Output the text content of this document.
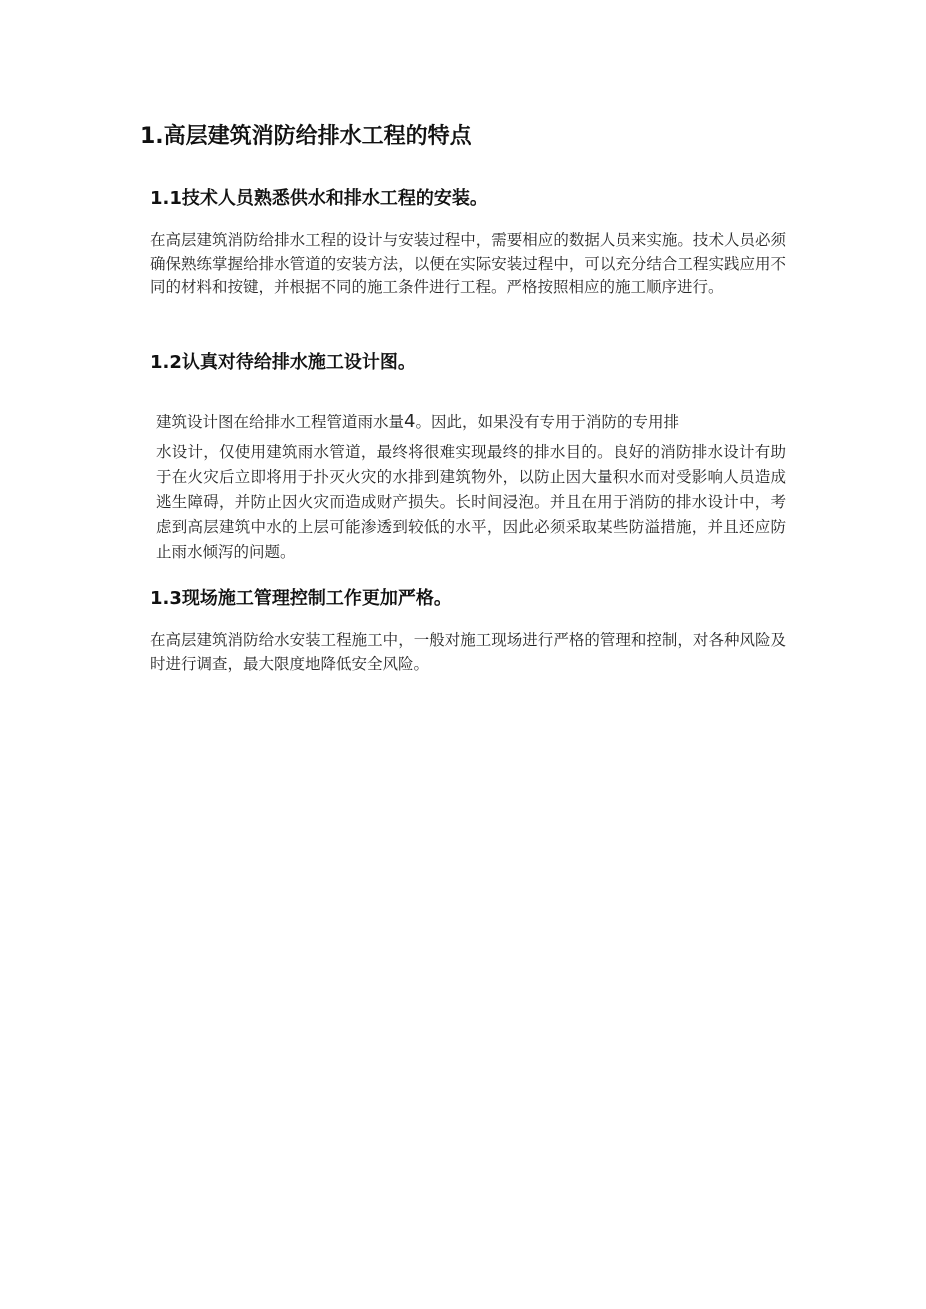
1.高层建筑消防给排水工程的特点
1.1技术人员熟悉供水和排水工程的安装。

在高层建筑消防给排水工程的设计与安装过程中，需要相应的数据人员来实施。技术人员必须确保熟练掌握给排水管道的安装方法，以便在实际安装过程中，可以充分结合工程实践应用不同的材料和按键，并根据不同的施工条件进行工程。严格按照相应的施工顺序进行。

1.2认真对待给排水施工设计图。

建筑设计图在给排水工程管道雨水量4。因此，如果没有专用于消防的专用排
水设计，仅使用建筑雨水管道，最终将很难实现最终的排水目的。良好的消防排水设计有助于在火灾后立即将用于扑灭火灾的水排到建筑物外，以防止因大量积水而对受影响人员造成逃生障碍，并防止因火灾而造成财产损失。长时间浸泡。并且在用于消防的排水设计中，考虑到高层建筑中水的上层可能渗透到较低的水平，因此必须采取某些防溢措施，并且还应防止雨水倾泻的问题。

1.3现场施工管理控制工作更加严格。

在高层建筑消防给水安装工程施工中，一般对施工现场进行严格的管理和控制，对各种风险及时进行调查，最大限度地降低安全风险。
